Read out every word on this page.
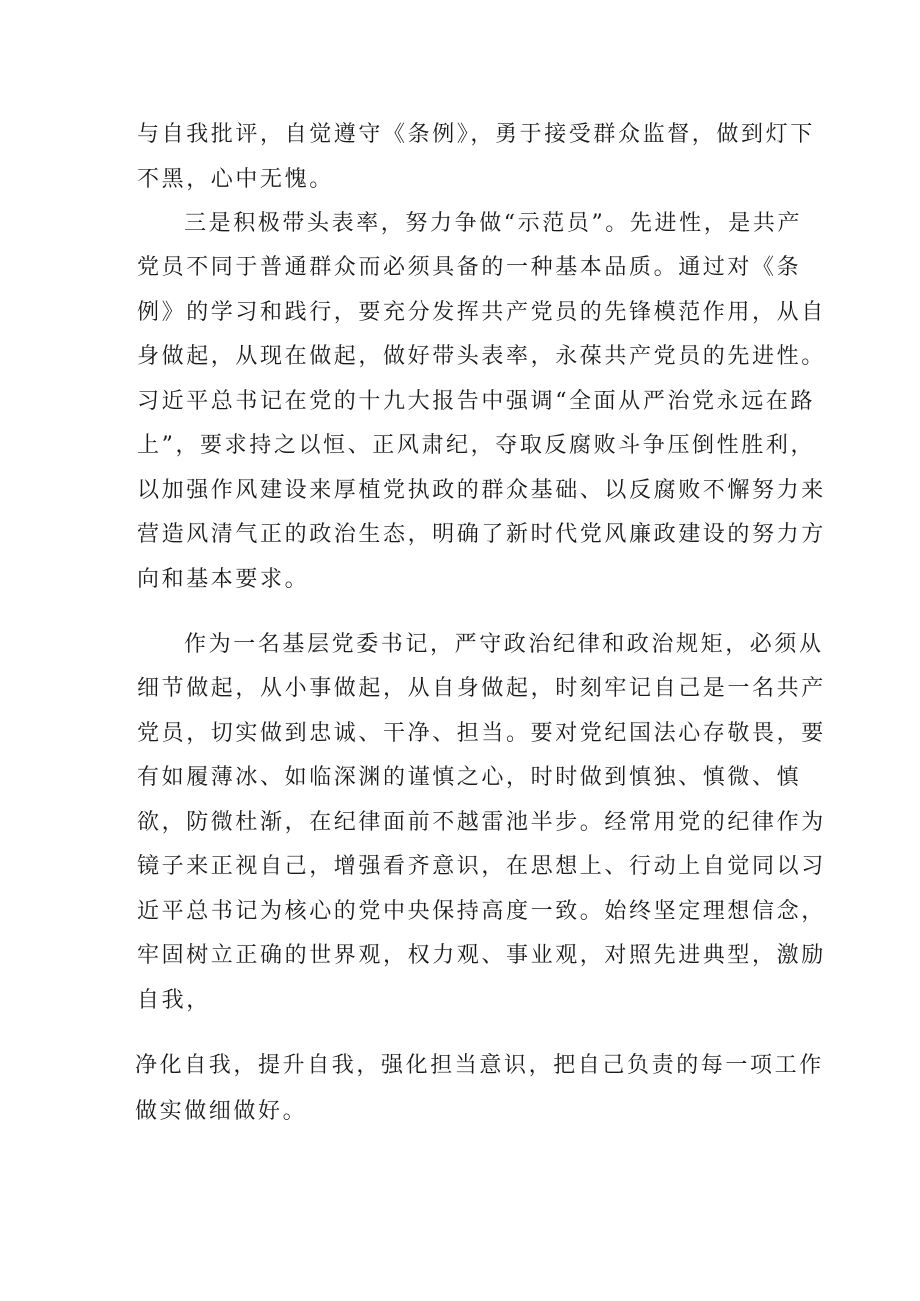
与自我批评，自觉遵守《条例》，勇于接受群众监督，做到灯下
不黑，心中无愧。
三是积极带头表率，努力争做“示范员”。先进性，是共产
党员不同于普通群众而必须具备的一种基本品质。通过对《条
例》的学习和践行，要充分发挥共产党员的先锋模范作用，从自
身做起，从现在做起，做好带头表率，永葆共产党员的先进性。
习近平总书记在党的十九大报告中强调“全面从严治党永远在路
上”，要求持之以恒、正风肃纪，夺取反腐败斗争压倒性胜利，
以加强作风建设来厚植党执政的群众基础、以反腐败不懈努力来
营造风清气正的政治生态，明确了新时代党风廉政建设的努力方
向和基本要求。
作为一名基层党委书记，严守政治纪律和政治规矩，必须从
细节做起，从小事做起，从自身做起，时刻牢记自己是一名共产
党员，切实做到忠诚、干净、担当。要对党纪国法心存敬畏，要
有如履薄冰、如临深渊的谨慎之心，时时做到慎独、慎微、慎
欲，防微杜渐，在纪律面前不越雷池半步。经常用党的纪律作为
镜子来正视自己，增强看齐意识，在思想上、行动上自觉同以习
近平总书记为核心的党中央保持高度一致。始终坚定理想信念，
牢固树立正确的世界观，权力观、事业观，对照先进典型，激励
自我，
净化自我，提升自我，强化担当意识，把自己负责的每一项工作
做实做细做好。
